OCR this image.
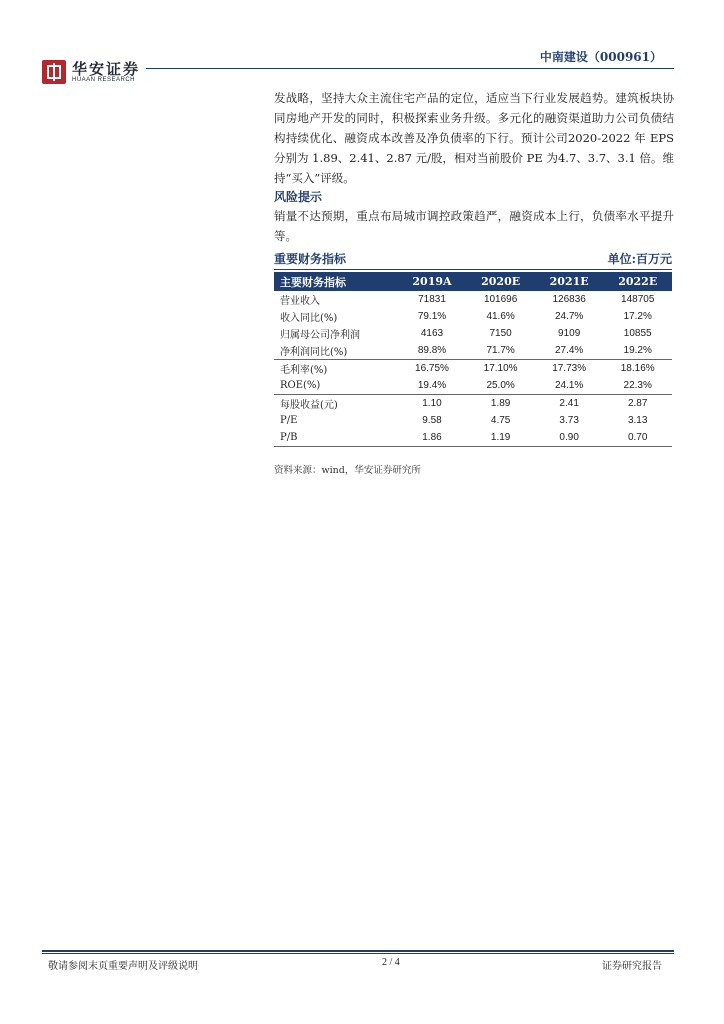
华安证券
HUAAN RESEARCH
中南建设（000961）

发战略，坚持大众主流住宅产品的定位，适应当下行业发展趋势。建筑板块协同房地产开发的同时，积极探索业务升级。多元化的融资渠道助力公司负债结构持续优化、融资成本改善及净负债率的下行。预计公司2020-2022 年 EPS 分别为 1.89、2.41、2.87 元/股，相对当前股价 PE 为4.7、3.7、3.1 倍。维持“买入”评级。

风险提示

销量不达预期，重点布局城市调控政策趋严，融资成本上行，负债率水平提升等。

重要财务指标	单位:百万元
主要财务指标	2019A	2020E	2021E	2022E
营业收入	71831	101696	126836	148705
收入同比(%)	79.1%	41.6%	24.7%	17.2%
归属母公司净利润	4163	7150	9109	10855
净利润同比(%)	89.8%	71.7%	27.4%	19.2%
毛利率(%)	16.75%	17.10%	17.73%	18.16%
ROE(%)	19.4%	25.0%	24.1%	22.3%
每股收益(元)	1.10	1.89	2.41	2.87
P/E	9.58	4.75	3.73	3.13
P/B	1.86	1.19	0.90	0.70
资料来源：wind，华安证券研究所
敬请参阅末页重要声明及评级说明	2 / 4	证券研究报告
